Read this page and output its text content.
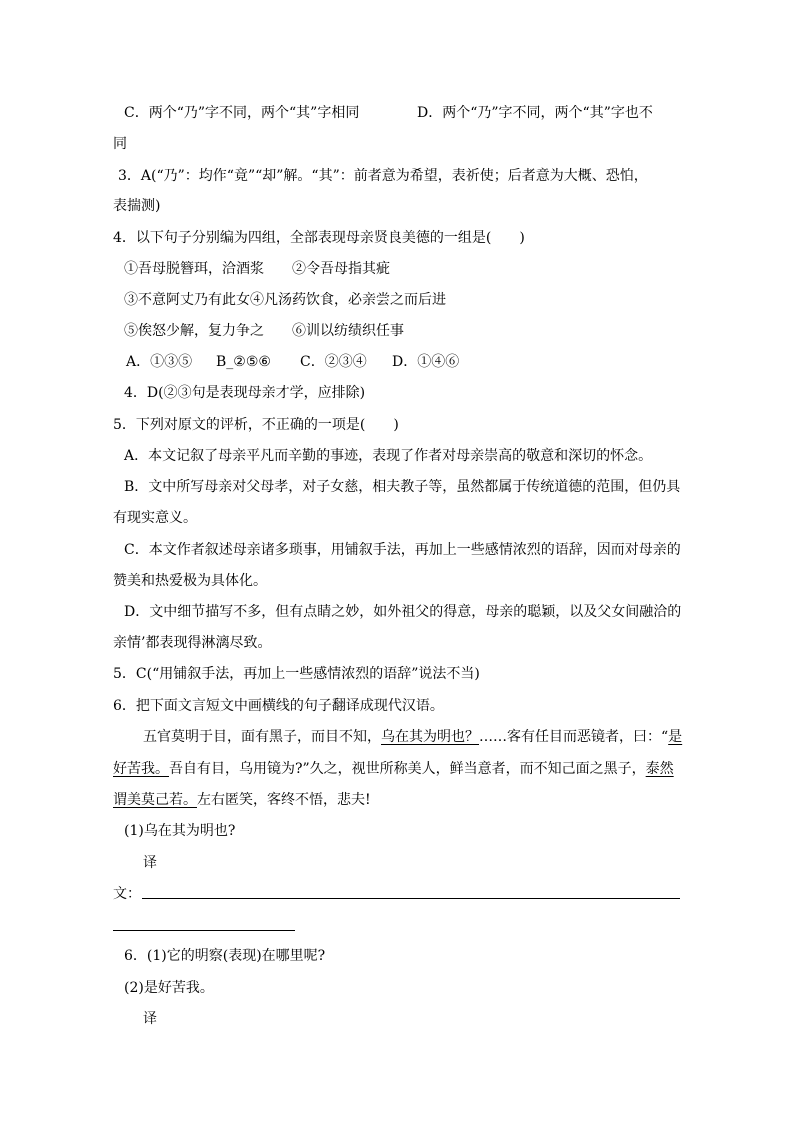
C．两个“乃”字不同，两个“其”字相同	D．两个“乃”字不同，两个“其”字也不
同
3．A(“乃”：均作“竟”“却”解。“其”：前者意为希望，表祈使；后者意为大概、恐怕，
表揣测)
4．以下句子分别编为四组，全部表现母亲贤良美德的一组是(　　)
①吾母脱簪珥，洽酒浆　　②令吾母指其疵
③不意阿丈乃有此女④凡汤药饮食，必亲尝之而后进
⑤俟怒少解，复力争之　　⑥训以纺绩织任事
A．①③⑤ B_②⑤⑥ C．②③④ D．①④⑥
4．D(②③句是表现母亲才学，应排除)
5．下列对原文的评析，不正确的一项是(　　)
A．本文记叙了母亲平凡而辛勤的事迹，表现了作者对母亲崇高的敬意和深切的怀念。
B．文中所写母亲对父母孝，对子女慈，相夫教子等，虽然都属于传统道德的范围，但仍具
有现实意义。
C．本文作者叙述母亲诸多琐事，用铺叙手法，再加上一些感情浓烈的语辞，因而对母亲的
赞美和热爱极为具体化。
D．文中细节描写不多，但有点睛之妙，如外祖父的得意，母亲的聪颖，以及父女间融洽的
亲情’都表现得淋漓尽致。
5．C(“用铺叙手法，再加上一些感情浓烈的语辞”说法不当)
6．把下面文言短文中画横线的句子翻译成现代汉语。
五官莫明于目，面有黑子，而目不知，乌在其为明也？……客有任目而恶镜者，曰：“是
好苦我。吾自有目，乌用镜为?”久之，视世所称美人，鲜当意者，而不知己面之黑子，泰然
谓美莫己若。左右匿笑，客终不悟，悲夫!
(1)乌在其为明也?
译
文：
6．(1)它的明察(表现)在哪里呢?
(2)是好苦我。
译
